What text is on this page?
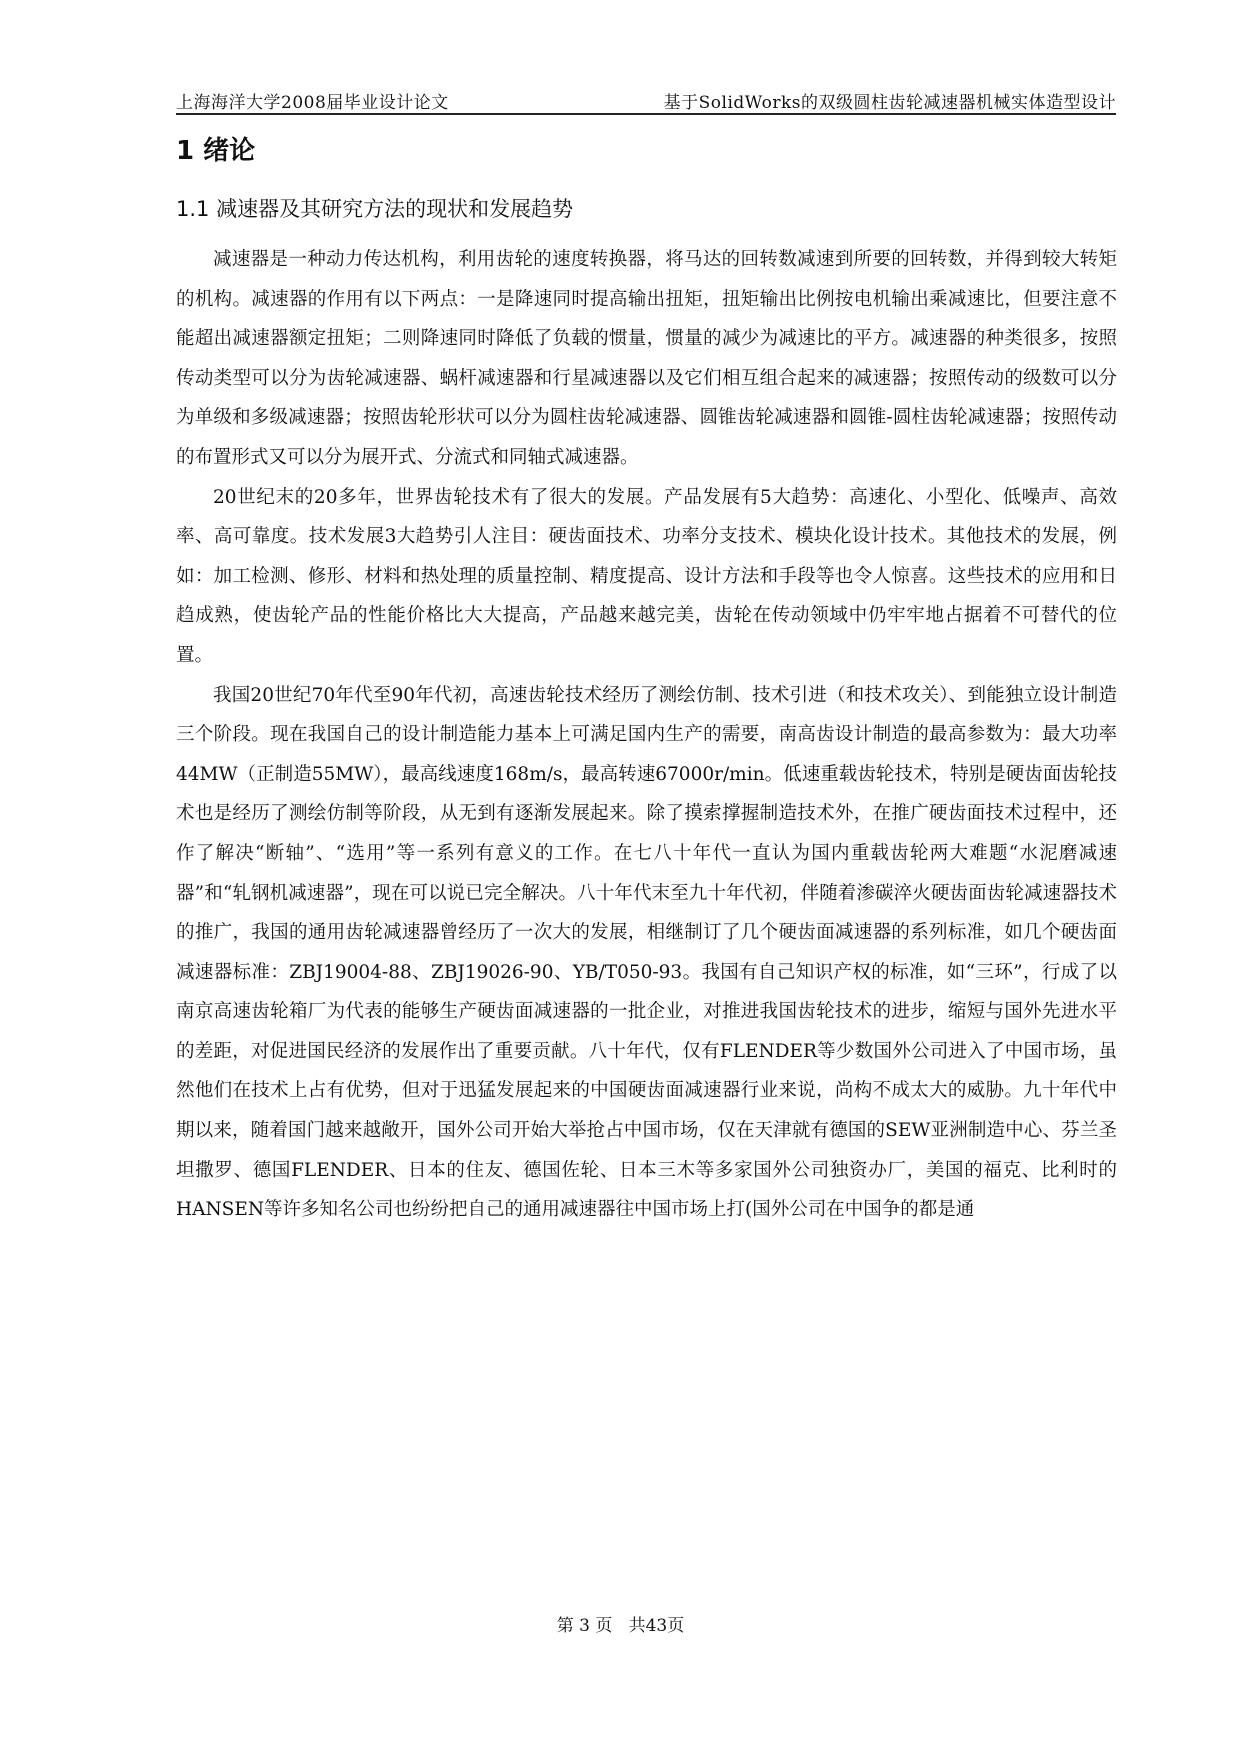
上海海洋大学2008届毕业设计论文	基于SolidWorks的双级圆柱齿轮减速器机械实体造型设计
1 绪论
1.1 减速器及其研究方法的现状和发展趋势

减速器是一种动力传达机构，利用齿轮的速度转换器，将马达的回转数减速到所要的回转数，并得到较大转矩的机构。减速器的作用有以下两点：一是降速同时提高输出扭矩，扭矩输出比例按电机输出乘减速比，但要注意不能超出减速器额定扭矩；二则降速同时降低了负载的惯量，惯量的减少为减速比的平方。减速器的种类很多，按照传动类型可以分为齿轮减速器、蜗杆减速器和行星减速器以及它们相互组合起来的减速器；按照传动的级数可以分为单级和多级减速器；按照齿轮形状可以分为圆柱齿轮减速器、圆锥齿轮减速器和圆锥-圆柱齿轮减速器；按照传动的布置形式又可以分为展开式、分流式和同轴式减速器。

20世纪末的20多年，世界齿轮技术有了很大的发展。产品发展有5大趋势：高速化、小型化、低噪声、高效率、高可靠度。技术发展3大趋势引人注目：硬齿面技术、功率分支技术、模块化设计技术。其他技术的发展，例如：加工检测、修形、材料和热处理的质量控制、精度提高、设计方法和手段等也令人惊喜。这些技术的应用和日趋成熟，使齿轮产品的性能价格比大大提高，产品越来越完美，齿轮在传动领域中仍牢牢地占据着不可替代的位置。

我国20世纪70年代至90年代初，高速齿轮技术经历了测绘仿制、技术引进（和技术攻关）、到能独立设计制造三个阶段。现在我国自己的设计制造能力基本上可满足国内生产的需要，南高齿设计制造的最高参数为：最大功率44MW（正制造55MW），最高线速度168m/s，最高转速67000r/min。低速重载齿轮技术，特别是硬齿面齿轮技术也是经历了测绘仿制等阶段，从无到有逐渐发展起来。除了摸索撑握制造技术外，在推广硬齿面技术过程中，还作了解决“断轴”、“选用”等一系列有意义的工作。在七八十年代一直认为国内重载齿轮两大难题“水泥磨减速器”和“轧钢机减速器”，现在可以说已完全解决。八十年代末至九十年代初，伴随着渗碳淬火硬齿面齿轮减速器技术的推广，我国的通用齿轮减速器曾经历了一次大的发展，相继制订了几个硬齿面减速器的系列标准，如几个硬齿面减速器标准：ZBJ19004-88、ZBJ19026-90、YB/T050-93。我国有自己知识产权的标准，如“三环”，行成了以南京高速齿轮箱厂为代表的能够生产硬齿面减速器的一批企业，对推进我国齿轮技术的进步，缩短与国外先进水平的差距，对促进国民经济的发展作出了重要贡献。八十年代，仅有FLENDER等少数国外公司进入了中国市场，虽然他们在技术上占有优势，但对于迅猛发展起来的中国硬齿面减速器行业来说，尚构不成太大的威胁。九十年代中期以来，随着国门越来越敞开，国外公司开始大举抢占中国市场，仅在天津就有德国的SEW亚洲制造中心、芬兰圣坦撒罗、德国FLENDER、日本的住友、德国佐轮、日本三木等多家国外公司独资办厂，美国的福克、比利时的HANSEN等许多知名公司也纷纷把自己的通用减速器往中国市场上打(国外公司在中国争的都是通

第 3 页   共43页
